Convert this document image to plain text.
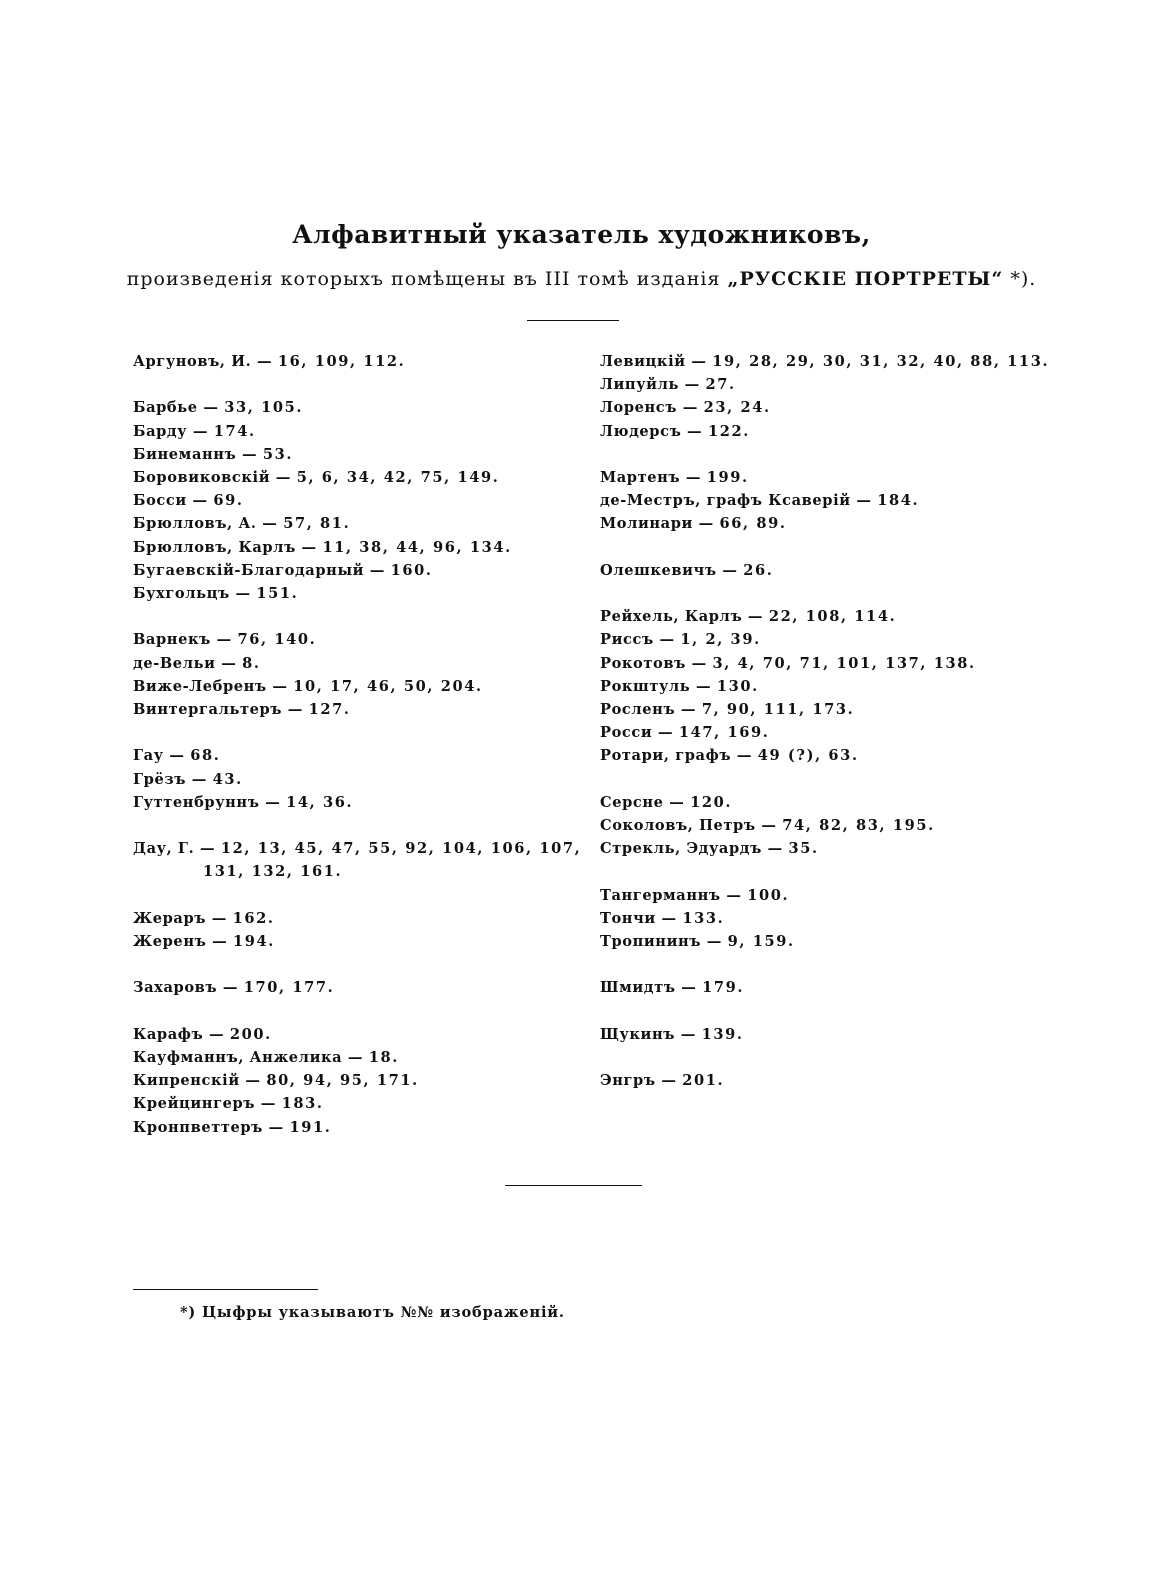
Алфавитный указатель художниковъ,
произведенія которыхъ помѣщены въ III томѣ изданія „РУССКІЕ ПОРТРЕТЫ“ *).
Аргуновъ, И. — 16, 109, 112.
Барбье — 33, 105.
Барду — 174.
Бинеманнъ — 53.
Боровиковскій — 5, 6, 34, 42, 75, 149.
Босси — 69.
Брюлловъ, А. — 57, 81.
Брюлловъ, Карлъ — 11, 38, 44, 96, 134.
Бугаевскій-Благодарный — 160.
Бухгольцъ — 151.
Варнекъ — 76, 140.
де-Вельи — 8.
Виже-Лебренъ — 10, 17, 46, 50, 204.
Винтергальтеръ — 127.
Гау — 68.
Грёзъ — 43.
Гуттенбруннъ — 14, 36.
Дау, Г. — 12, 13, 45, 47, 55, 92, 104, 106, 107,
131, 132, 161.
Жераръ — 162.
Жеренъ — 194.
Захаровъ — 170, 177.
Карафъ — 200.
Кауфманнъ, Анжелика — 18.
Кипренскій — 80, 94, 95, 171.
Крейцингеръ — 183.
Кронпветтеръ — 191.
Левицкій — 19, 28, 29, 30, 31, 32, 40, 88, 113.
Липуйль — 27.
Лоренсъ — 23, 24.
Людерсъ — 122.
Мартенъ — 199.
де-Местръ, графъ Ксаверій — 184.
Молинари — 66, 89.
Олешкевичъ — 26.
Рейхель, Карлъ — 22, 108, 114.
Риссъ — 1, 2, 39.
Рокотовъ — 3, 4, 70, 71, 101, 137, 138.
Рокштуль — 130.
Росленъ — 7, 90, 111, 173.
Росси — 147, 169.
Ротари, графъ — 49 (?), 63.
Серсне — 120.
Соколовъ, Петръ — 74, 82, 83, 195.
Стрекль, Эдуардъ — 35.
Тангерманнъ — 100.
Тончи — 133.
Тропининъ — 9, 159.
Шмидтъ — 179.
Щукинъ — 139.
Энгръ — 201.
*) Цыфры указываютъ №№ изображеній.
